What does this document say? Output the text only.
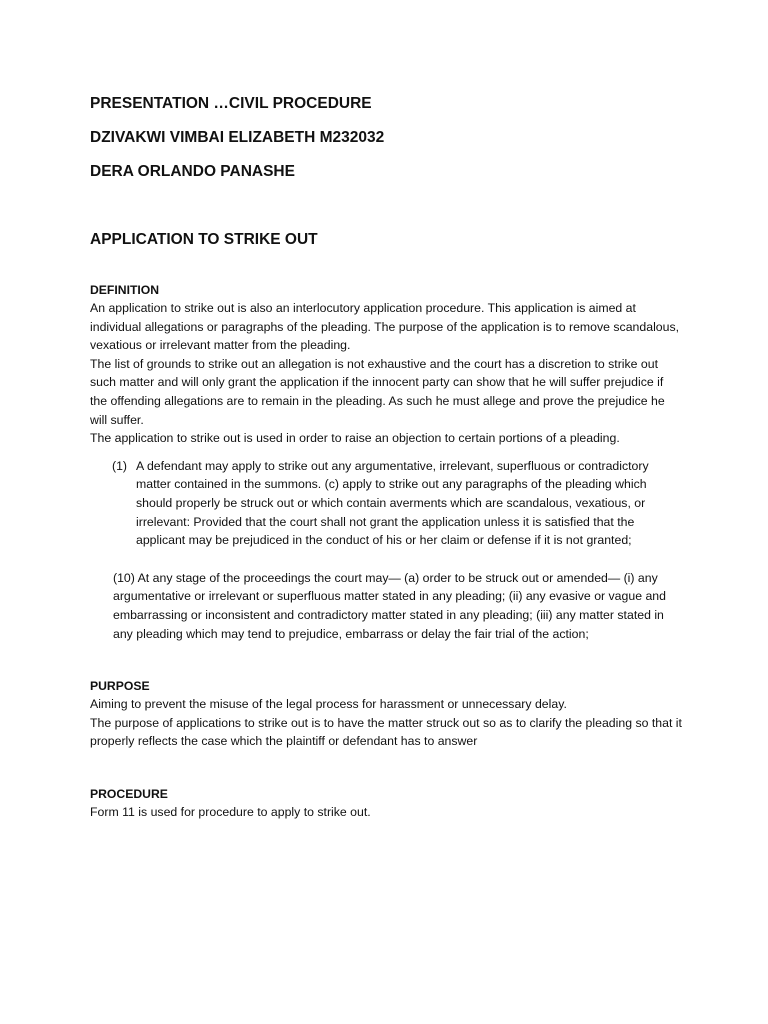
PRESENTATION …CIVIL PROCEDURE
DZIVAKWI VIMBAI ELIZABETH M232032
DERA ORLANDO PANASHE
APPLICATION TO STRIKE OUT
DEFINITION

An application to strike out is also an interlocutory application procedure. This application is aimed at individual allegations or paragraphs of the pleading. The purpose of the application is to remove scandalous, vexatious or irrelevant matter from the pleading.

The list of grounds to strike out an allegation is not exhaustive and the court has a discretion to strike out such matter and will only grant the application if the innocent party can show that he will suffer prejudice if the offending allegations are to remain in the pleading. As such he must allege and prove the prejudice he will suffer.

The application to strike out is used in order to raise an objection to certain portions of a pleading.

(1) A defendant may apply to strike out any argumentative, irrelevant, superfluous or contradictory matter contained in the summons. (c) apply to strike out any paragraphs of the pleading which should properly be struck out or which contain averments which are scandalous, vexatious, or irrelevant: Provided that the court shall not grant the application unless it is satisfied that the applicant may be prejudiced in the conduct of his or her claim or defense if it is not granted;
(10) At any stage of the proceedings the court may— (a) order to be struck out or amended— (i) any argumentative or irrelevant or superfluous matter stated in any pleading; (ii) any evasive or vague and embarrassing or inconsistent and contradictory matter stated in any pleading; (iii) any matter stated in any pleading which may tend to prejudice, embarrass or delay the fair trial of the action;
PURPOSE

Aiming to prevent the misuse of the legal process for harassment or unnecessary delay.

The purpose of applications to strike out is to have the matter struck out so as to clarify the pleading so that it properly reflects the case which the plaintiff or defendant has to answer

PROCEDURE

Form 11 is used for procedure to apply to strike out.
